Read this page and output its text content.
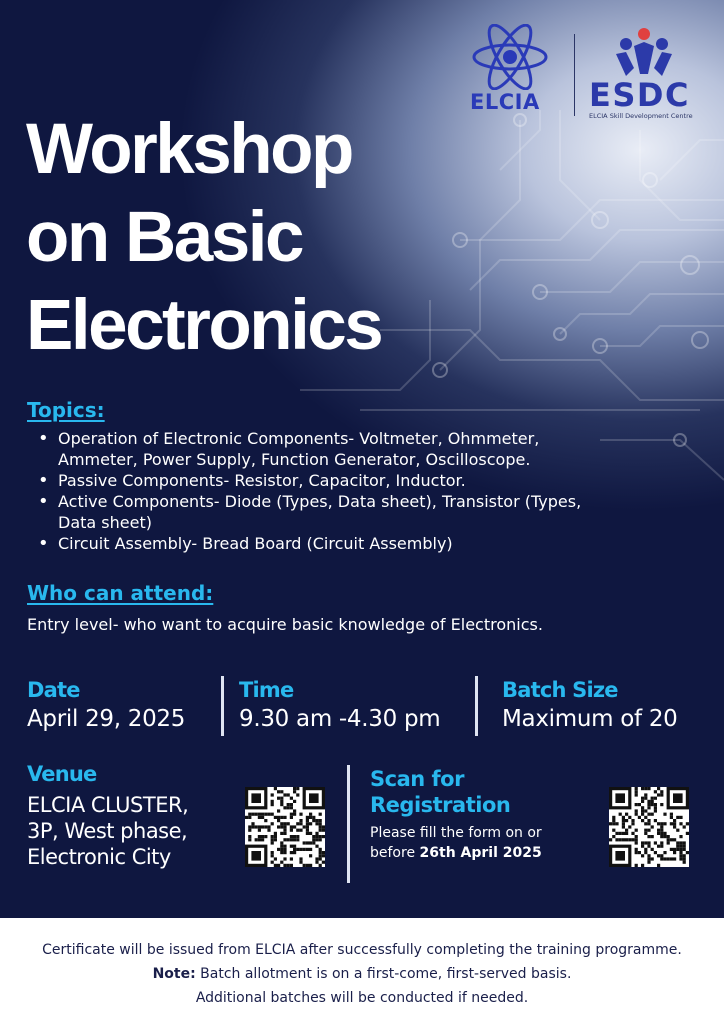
ELCIA	ESDC
ELCIA Skill Development Centre
Workshop
on Basic
Electronics
Topics:
• Operation of Electronic Components- Voltmeter, Ohmmeter,
Ammeter, Power Supply, Function Generator, Oscilloscope.
• Passive Components- Resistor, Capacitor, Inductor.
• Active Components- Diode (Types, Data sheet), Transistor (Types,
Data sheet)
• Circuit Assembly- Bread Board (Circuit Assembly)
Who can attend:
Entry level- who want to acquire basic knowledge of Electronics.
Date
April 29, 2025
Time
9.30 am -4.30 pm
Batch Size
Maximum of 20
Venue
ELCIA CLUSTER,
3P, West phase,
Electronic City
Scan for
Registration
Please fill the form on or
before 26th April 2025
Certificate will be issued from ELCIA after successfully completing the training programme.
Note: Batch allotment is on a first-come, first-served basis.
Additional batches will be conducted if needed.
